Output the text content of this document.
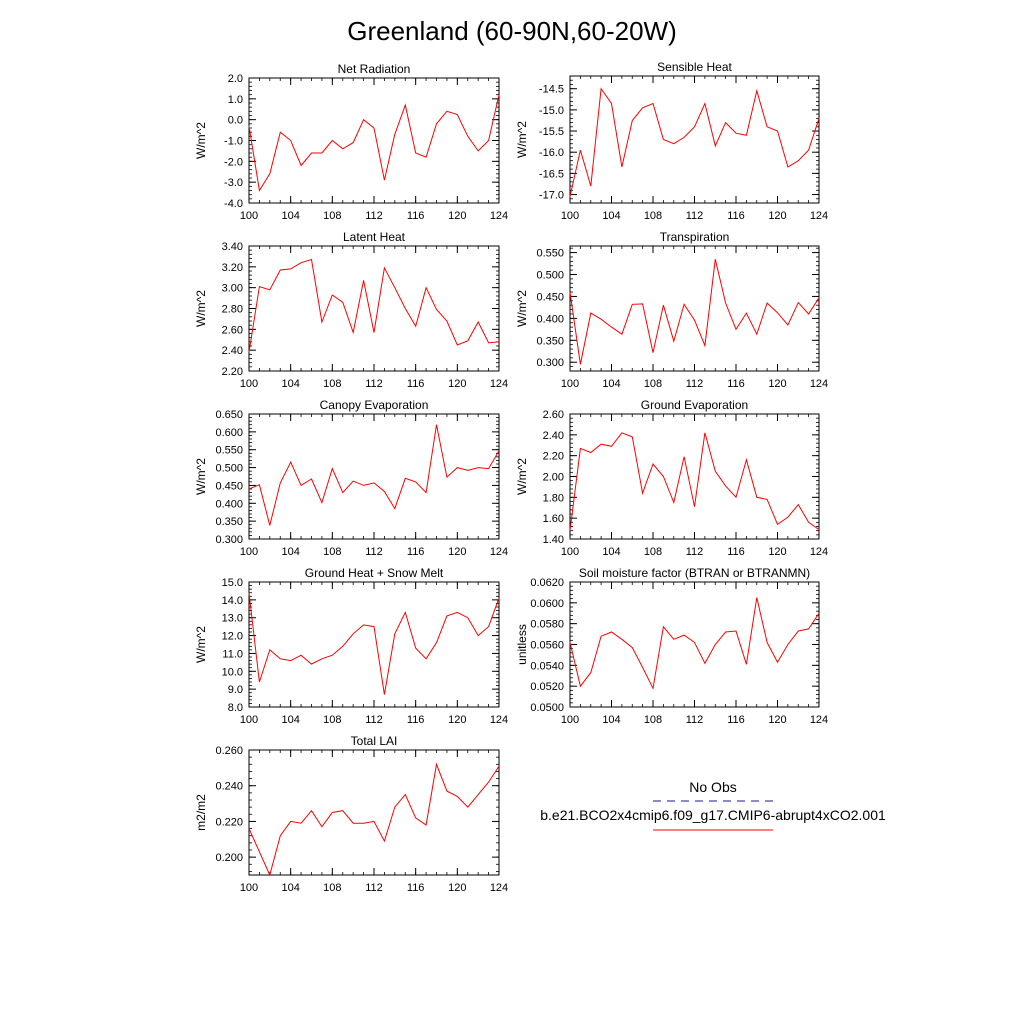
Greenland (60-90N,60-20W)
100 104 108 112 116 120 124
2.0
1.0
0.0
-1.0
-2.0
-3.0
-4.0
Net Radiation
W/m^2
100 104 108 112 116 120 124
-14.5
-15.0
-15.5
-16.0
-16.5
-17.0
Sensible Heat
W/m^2
100 104 108 112 116 120 124
3.40
3.20
3.00
2.80
2.60
2.40
2.20
Latent Heat
W/m^2
100 104 108 112 116 120 124
0.550
0.500
0.450
0.400
0.350
0.300
Transpiration
W/m^2
100 104 108 112 116 120 124
0.650
0.600
0.550
0.500
0.450
0.400
0.350
0.300
Canopy Evaporation
W/m^2
100 104 108 112 116 120 124
2.60
2.40
2.20
2.00
1.80
1.60
1.40
Ground Evaporation
W/m^2
100 104 108 112 116 120 124
15.0
14.0
13.0
12.0
11.0
10.0
9.0
8.0
Ground Heat + Snow Melt
W/m^2
100 104 108 112 116 120 124
0.0620
0.0600
0.0580
0.0560
0.0540
0.0520
0.0500
Soil moisture factor (BTRAN or BTRANMN)
unitless
100 104 108 112 116 120 124
0.260
0.240
0.220
0.200
Total LAI
m2/m2
No Obs
b.e21.BCO2x4cmip6.f09_g17.CMIP6-abrupt4xCO2.001
